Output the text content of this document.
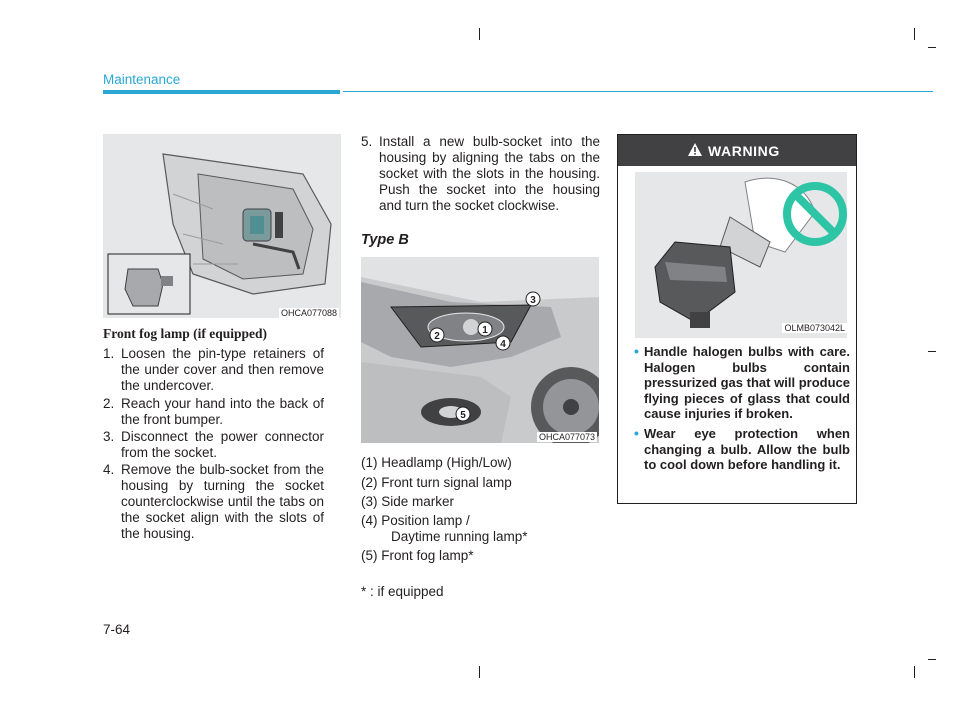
Maintenance
OHCA077088
Front fog lamp (if equipped)
1. Loosen the pin-type retainers of the under cover and then remove the undercover.
2. Reach your hand into the back of the front bumper.
3. Disconnect the power connector from the socket.
4. Remove the bulb-socket from the housing by turning the socket counterclockwise until the tabs on the socket align with the slots of the housing.
5. Install a new bulb-socket into the housing by aligning the tabs on the socket with the slots in the housing. Push the socket into the housing and turn the socket clockwise.
Type B
1
2
3
4
5
OHCA077073
(1) Headlamp (High/Low)
(2) Front turn signal lamp
(3) Side marker
(4) Position lamp /
Daytime running lamp*
(5) Front fog lamp*
* : if equipped
WARNING
OLMB073042L
• Handle halogen bulbs with care. Halogen bulbs contain pressurized gas that will produce flying pieces of glass that could cause injuries if broken.
• Wear eye protection when changing a bulb. Allow the bulb to cool down before handling it.
7-64
